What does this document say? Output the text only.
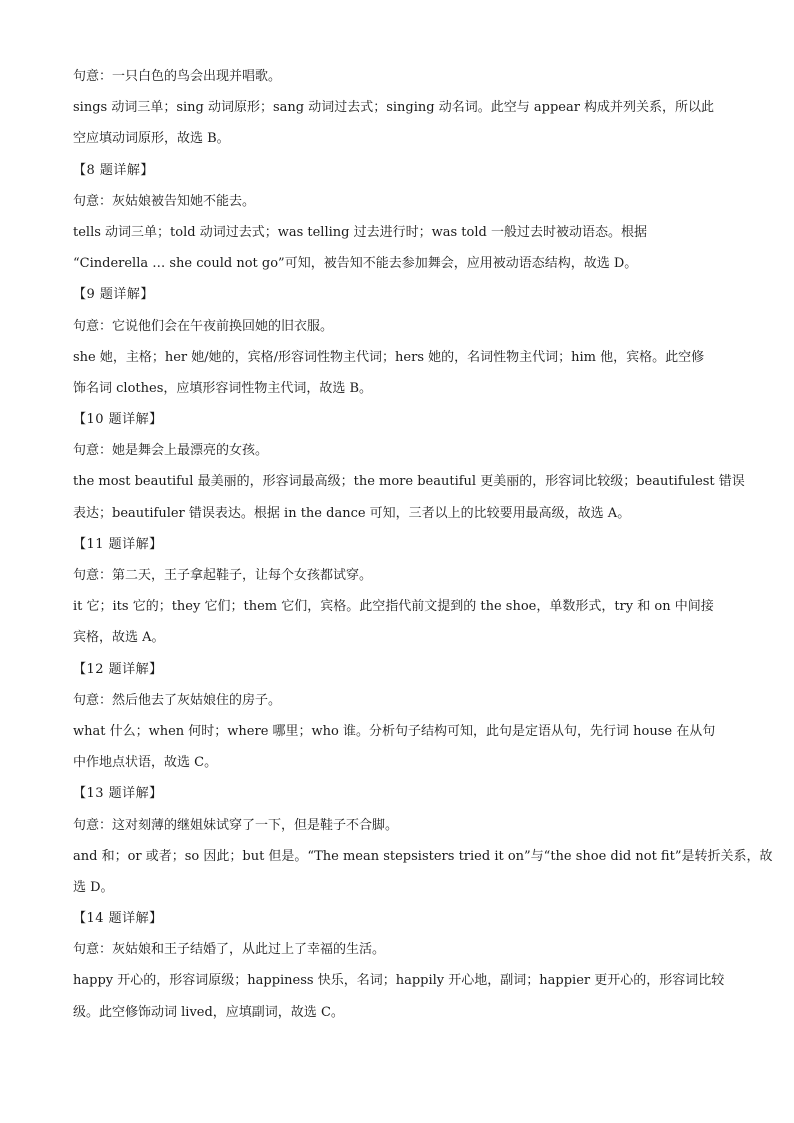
句意：一只白色的鸟会出现并唱歌。
sings 动词三单；sing 动词原形；sang 动词过去式；singing 动名词。此空与 appear 构成并列关系，所以此
空应填动词原形，故选 B。
【8 题详解】
句意：灰姑娘被告知她不能去。
tells 动词三单；told 动词过去式；was telling 过去进行时；was told 一般过去时被动语态。根据
“Cinderella … she could not go”可知，被告知不能去参加舞会，应用被动语态结构，故选 D。
【9 题详解】
句意：它说他们会在午夜前换回她的旧衣服。
she 她，主格；her 她/她的，宾格/形容词性物主代词；hers 她的，名词性物主代词；him 他，宾格。此空修
饰名词 clothes，应填形容词性物主代词，故选 B。
【10 题详解】
句意：她是舞会上最漂亮的女孩。
the most beautiful 最美丽的，形容词最高级；the more beautiful 更美丽的，形容词比较级；beautifulest 错误
表达；beautifuler 错误表达。根据 in the dance 可知，三者以上的比较要用最高级，故选 A。
【11 题详解】
句意：第二天，王子拿起鞋子，让每个女孩都试穿。
it 它；its 它的；they 它们；them 它们，宾格。此空指代前文提到的 the shoe，单数形式，try 和 on 中间接
宾格，故选 A。
【12 题详解】
句意：然后他去了灰姑娘住的房子。
what 什么；when 何时；where 哪里；who 谁。分析句子结构可知，此句是定语从句，先行词 house 在从句
中作地点状语，故选 C。
【13 题详解】
句意：这对刻薄的继姐妹试穿了一下，但是鞋子不合脚。
and 和；or 或者；so 因此；but 但是。“The mean stepsisters tried it on”与“the shoe did not fit”是转折关系，故
选 D。
【14 题详解】
句意：灰姑娘和王子结婚了，从此过上了幸福的生活。
happy 开心的，形容词原级；happiness 快乐，名词；happily 开心地，副词；happier 更开心的，形容词比较
级。此空修饰动词 lived，应填副词，故选 C。
